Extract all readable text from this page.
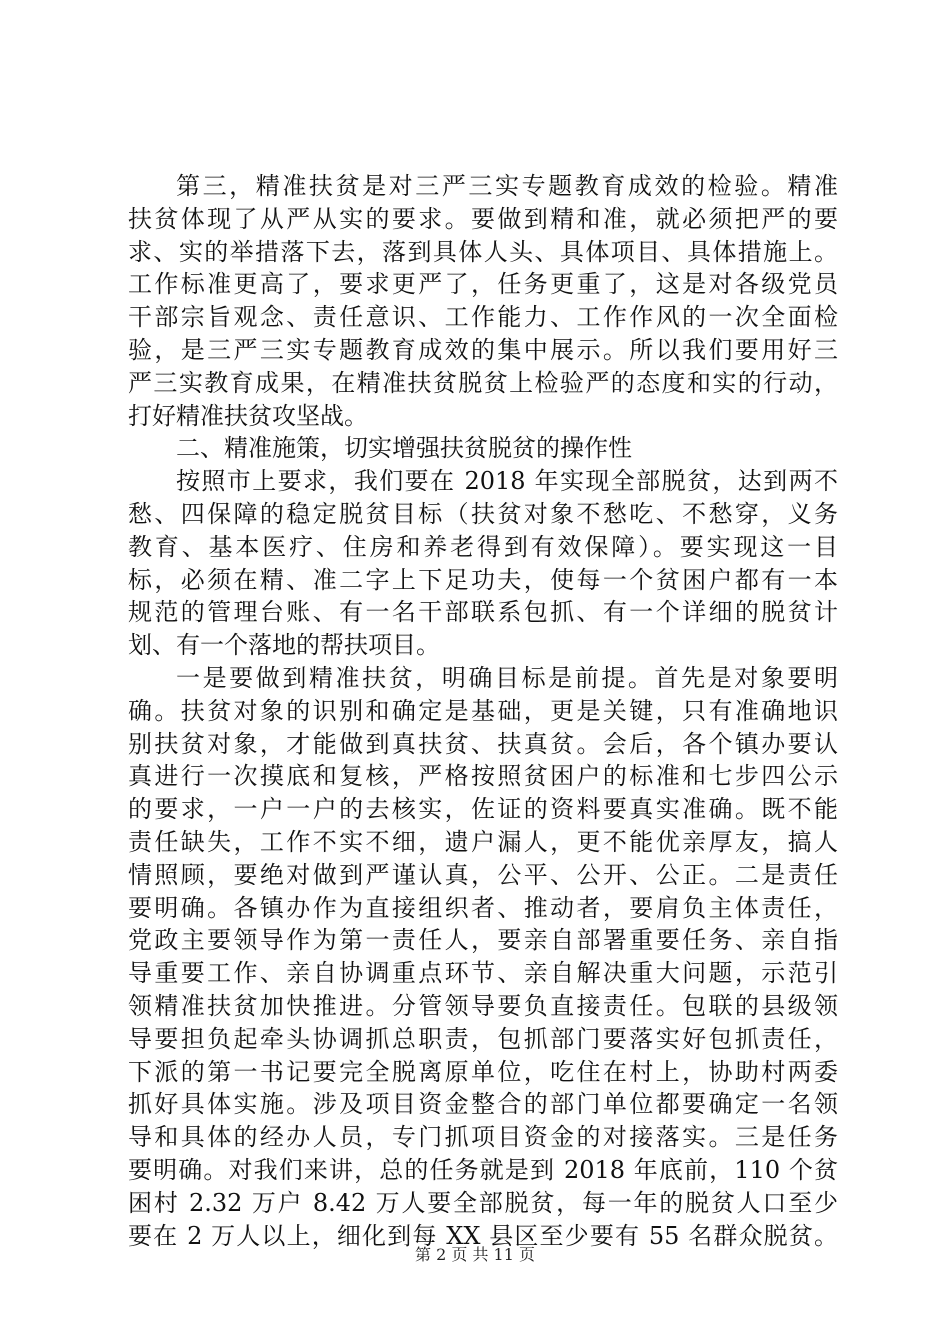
第三，精准扶贫是对三严三实专题教育成效的检验。精准
扶贫体现了从严从实的要求。要做到精和准，就必须把严的要
求、实的举措落下去，落到具体人头、具体项目、具体措施上。
工作标准更高了，要求更严了，任务更重了，这是对各级党员
干部宗旨观念、责任意识、工作能力、工作作风的一次全面检
验，是三严三实专题教育成效的集中展示。所以我们要用好三
严三实教育成果，在精准扶贫脱贫上检验严的态度和实的行动，
打好精准扶贫攻坚战。
二、精准施策，切实增强扶贫脱贫的操作性
按照市上要求，我们要在 2018 年实现全部脱贫，达到两不
愁、四保障的稳定脱贫目标（扶贫对象不愁吃、不愁穿，义务
教育、基本医疗、住房和养老得到有效保障）。要实现这一目
标，必须在精、准二字上下足功夫，使每一个贫困户都有一本
规范的管理台账、有一名干部联系包抓、有一个详细的脱贫计
划、有一个落地的帮扶项目。
一是要做到精准扶贫，明确目标是前提。首先是对象要明
确。扶贫对象的识别和确定是基础，更是关键，只有准确地识
别扶贫对象，才能做到真扶贫、扶真贫。会后，各个镇办要认
真进行一次摸底和复核，严格按照贫困户的标准和七步四公示
的要求，一户一户的去核实，佐证的资料要真实准确。既不能
责任缺失，工作不实不细，遗户漏人，更不能优亲厚友，搞人
情照顾，要绝对做到严谨认真，公平、公开、公正。二是责任
要明确。各镇办作为直接组织者、推动者，要肩负主体责任，
党政主要领导作为第一责任人，要亲自部署重要任务、亲自指
导重要工作、亲自协调重点环节、亲自解决重大问题，示范引
领精准扶贫加快推进。分管领导要负直接责任。包联的县级领
导要担负起牵头协调抓总职责，包抓部门要落实好包抓责任，
下派的第一书记要完全脱离原单位，吃住在村上，协助村两委
抓好具体实施。涉及项目资金整合的部门单位都要确定一名领
导和具体的经办人员，专门抓项目资金的对接落实。三是任务
要明确。对我们来讲，总的任务就是到 2018 年底前，110 个贫
困村 2.32 万户 8.42 万人要全部脱贫，每一年的脱贫人口至少
要在 2 万人以上，细化到每 XX 县区至少要有 55 名群众脱贫。
第 2 页 共 11 页
